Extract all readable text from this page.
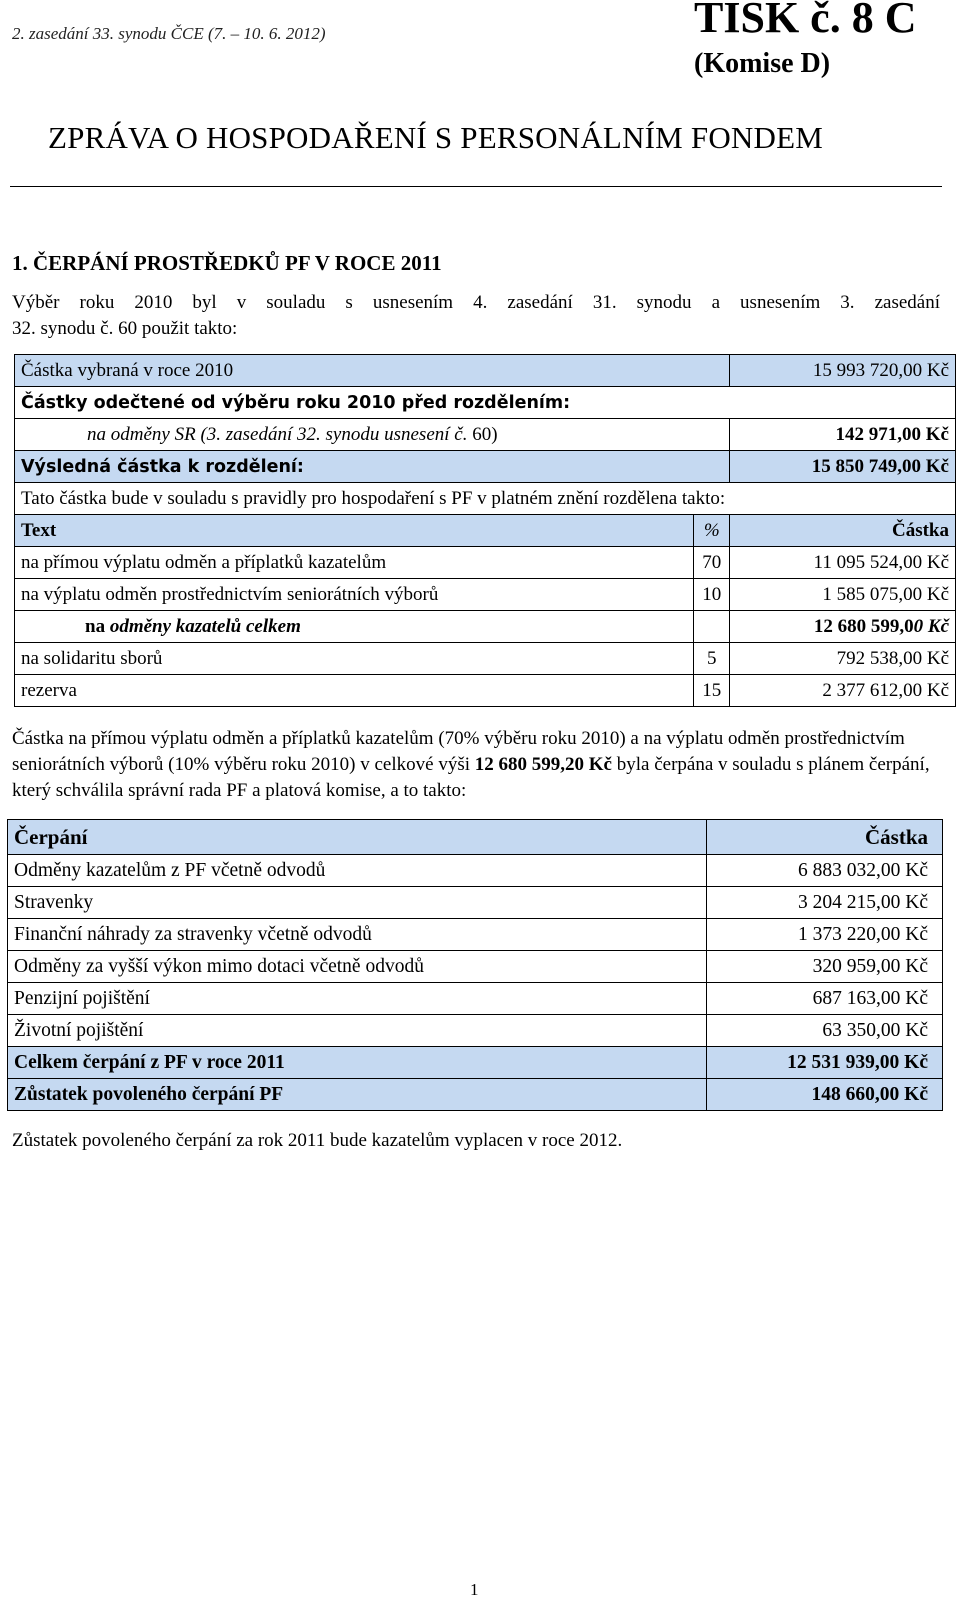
2. zasedání 33. synodu ČCE (7. – 10. 6. 2012)	TISK č. 8 C
(Komise D)
ZPRÁVA O HOSPODAŘENÍ S PERSONÁLNÍM FONDEM
1. ČERPÁNÍ PROSTŘEDKŮ PF V ROCE 2011
Výběr roku 2010 byl v souladu s usnesením 4. zasedání 31. synodu a usnesením 3. zasedání
32. synodu č. 60 použit takto:
Částka vybraná v roce 2010		15 993 720,00 Kč
Částky odečtené od výběru roku 2010 před rozdělením:		
na odměny SR (3. zasedání 32. synodu usnesení č. 60)		142 971,00 Kč
Výsledná částka k rozdělení:		15 850 749,00 Kč
Tato částka bude v souladu s pravidly pro hospodaření s PF v platném znění rozdělena takto:		
Text	%	Částka
na přímou výplatu odměn a příplatků kazatelům	70	11 095 524,00 Kč
na výplatu odměn prostřednictvím seniorátních výborů	10	1 585 075,00 Kč
na odměny kazatelů celkem		12 680 599,00 Kč
na solidaritu sborů	5	792 538,00 Kč
rezerva	15	2 377 612,00 Kč
Částka na přímou výplatu odměn a příplatků kazatelům (70% výběru roku 2010) a na výplatu odměn prostřednictvím seniorátních výborů (10% výběru roku 2010) v celkové výši 12 680 599,20 Kč byla čerpána v souladu s plánem čerpání, který schválila správní rada PF a platová komise, a to takto:
Čerpání	Částka
Odměny kazatelům z PF včetně odvodů	6 883 032,00 Kč
Stravenky	3 204 215,00 Kč
Finanční náhrady za stravenky včetně odvodů	1 373 220,00 Kč
Odměny za vyšší výkon mimo dotaci včetně odvodů	320 959,00 Kč
Penzijní pojištění	687 163,00 Kč
Životní pojištění	63 350,00 Kč
Celkem čerpání z PF v roce 2011	12 531 939,00 Kč
Zůstatek povoleného čerpání PF	148 660,00 Kč
Zůstatek povoleného čerpání za rok 2011 bude kazatelům vyplacen v roce 2012.
1
